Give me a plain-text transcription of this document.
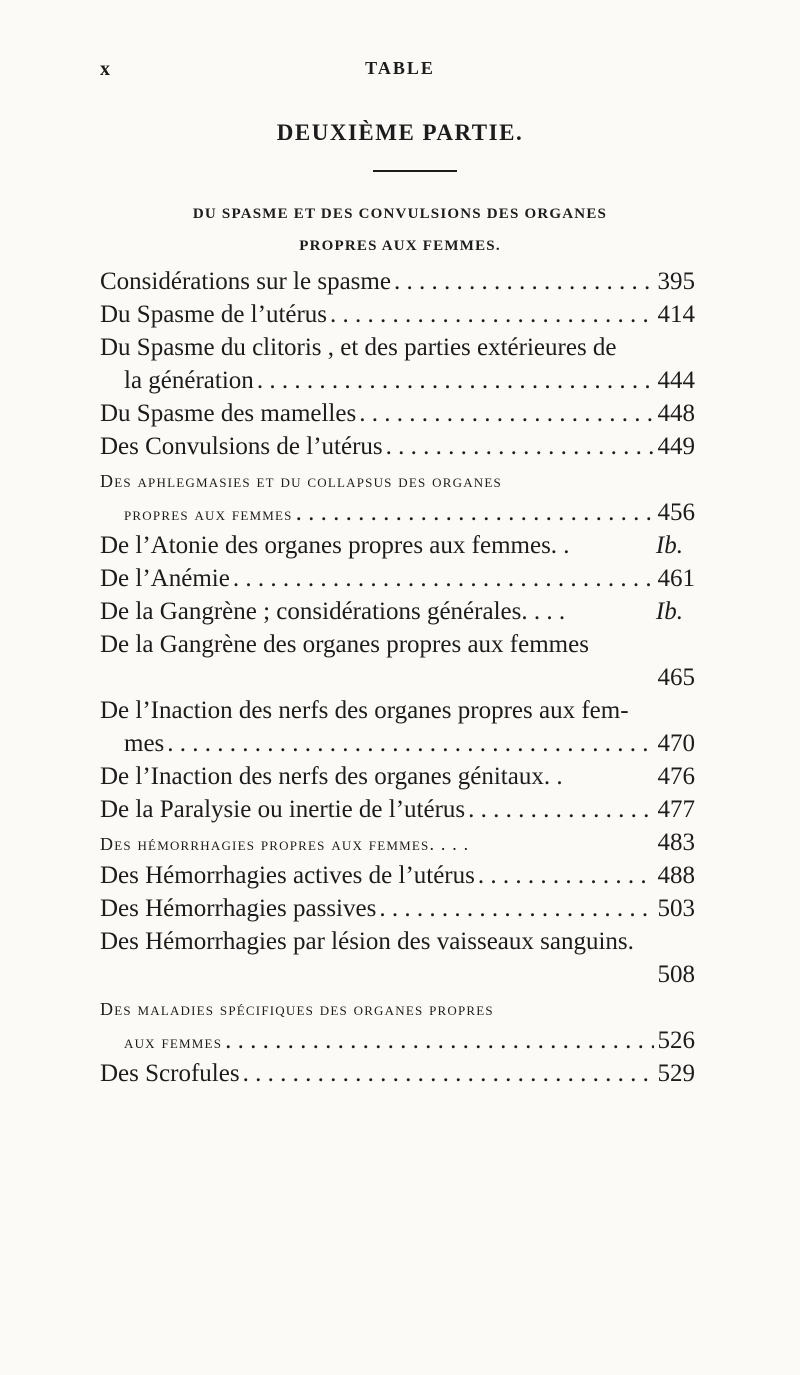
x	TABLE
DEUXIÈME PARTIE.
DU SPASME ET DES CONVULSIONS DES ORGANES
PROPRES AUX FEMMES.
Considérations sur le spasme . . .	395
Du Spasme de l’utérus . . .	414
Du Spasme du clitoris , et des parties extérieures de
la génération . . .	444
Du Spasme des mamelles . . .	448
Des Convulsions de l’utérus . . .	449
Des aphlegmasies et du collapsus des organes
propres aux femmes . . .	456
De l’Atonie des organes propres aux femmes. .	Ib.
De l’Anémie . . .	461
De la Gangrène ; considérations générales. . . .	Ib.
De la Gangrène des organes propres aux femmes
465
De l’Inaction des nerfs des organes propres aux fem-
mes . . .	470
De l’Inaction des nerfs des organes génitaux. .	476
De la Paralysie ou inertie de l’utérus . . .	477
Des hémorrhagies propres aux femmes. . . .	483
Des Hémorrhagies actives de l’utérus . . .	488
Des Hémorrhagies passives . . .	503
Des Hémorrhagies par lésion des vaisseaux sanguins.
508
Des maladies spécifiques des organes propres
aux femmes . . .	526
Des Scrofules . . .	529
